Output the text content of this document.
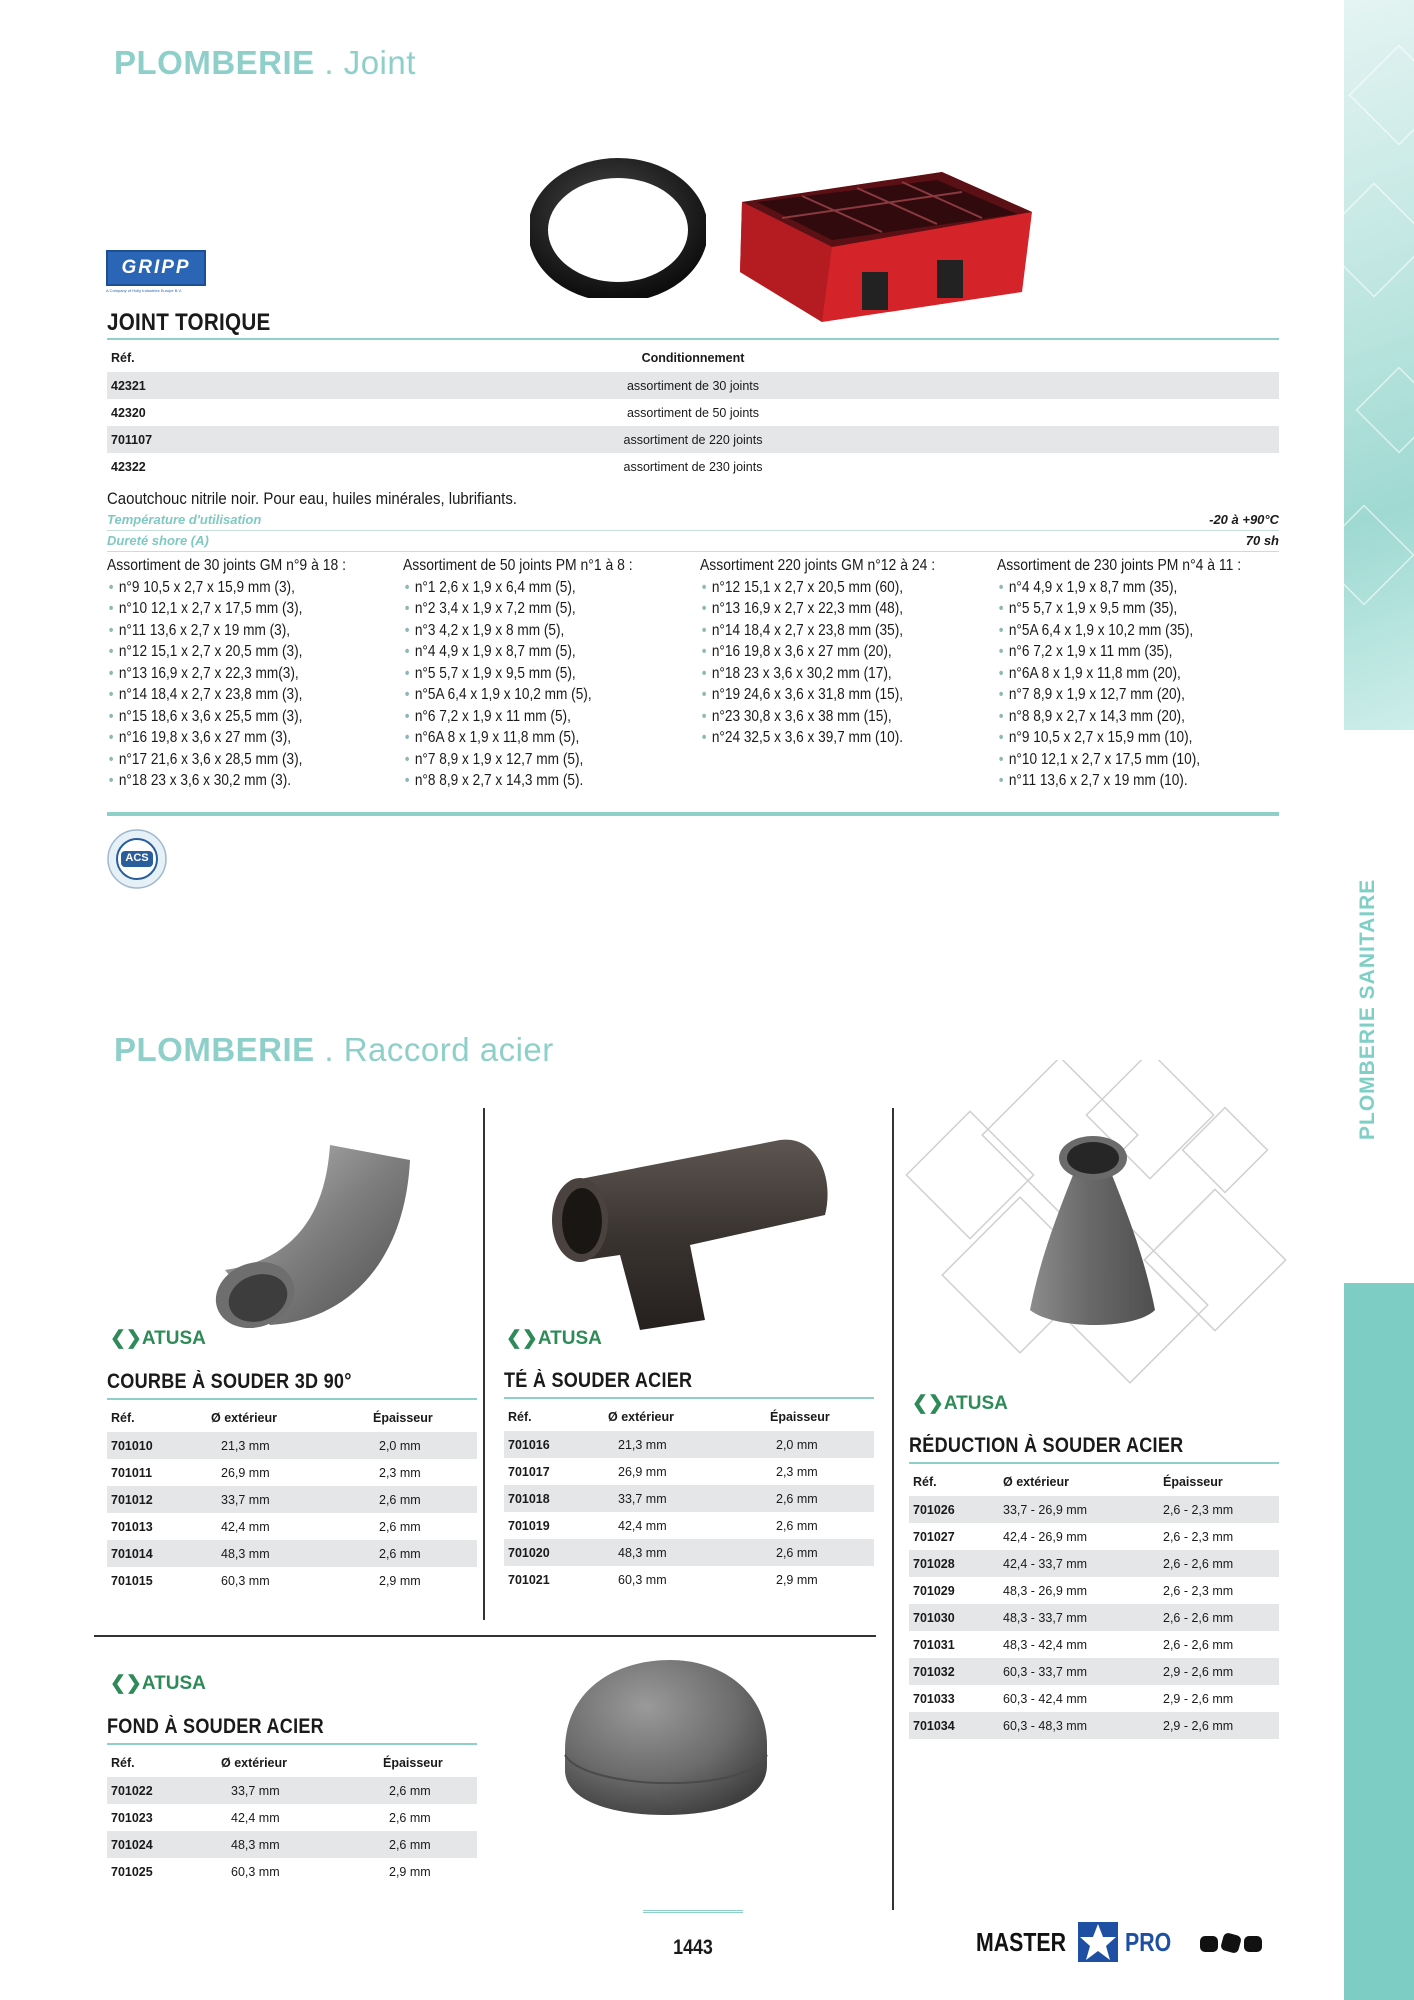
PLOMBERIE SANITAIRE
PLOMBERIE . Joint
GRIPP
A Company of Holly Industries Europe B.V.
JOINT TORIQUE
Réf.	Conditionnement	
42321	assortiment de 30 joints	
42320	assortiment de 50 joints	
701107	assortiment de 220 joints	
42322	assortiment de 230 joints	
Caoutchouc nitrile noir. Pour eau, huiles minérales, lubrifiants.
Température d'utilisation	-20 à +90°C
Dureté shore (A)	70 sh
Assortiment de 30 joints GM n°9 à 18 :
• n°9 10,5 x 2,7 x 15,9 mm (3),
• n°10 12,1 x 2,7 x 17,5 mm (3),
• n°11 13,6 x 2,7 x 19 mm (3),
• n°12 15,1 x 2,7 x 20,5 mm (3),
• n°13 16,9 x 2,7 x 22,3 mm(3),
• n°14 18,4 x 2,7 x 23,8 mm (3),
• n°15 18,6 x 3,6 x 25,5 mm (3),
• n°16 19,8 x 3,6 x 27 mm (3),
• n°17 21,6 x 3,6 x 28,5 mm (3),
• n°18 23 x 3,6 x 30,2 mm (3).
Assortiment de 50 joints PM n°1 à 8 :
• n°1 2,6 x 1,9 x 6,4 mm (5),
• n°2 3,4 x 1,9 x 7,2 mm (5),
• n°3 4,2 x 1,9 x 8 mm (5),
• n°4 4,9 x 1,9 x 8,7 mm (5),
• n°5 5,7 x 1,9 x 9,5 mm (5),
• n°5A 6,4 x 1,9 x 10,2 mm (5),
• n°6 7,2 x 1,9 x 11 mm (5),
• n°6A 8 x 1,9 x 11,8 mm (5),
• n°7 8,9 x 1,9 x 12,7 mm (5),
• n°8 8,9 x 2,7 x 14,3 mm (5).
Assortiment 220 joints GM n°12 à 24 :
• n°12 15,1 x 2,7 x 20,5 mm (60),
• n°13 16,9 x 2,7 x 22,3 mm (48),
• n°14 18,4 x 2,7 x 23,8 mm (35),
• n°16 19,8 x 3,6 x 27 mm (20),
• n°18 23 x 3,6 x 30,2 mm (17),
• n°19 24,6 x 3,6 x 31,8 mm (15),
• n°23 30,8 x 3,6 x 38 mm (15),
• n°24 32,5 x 3,6 x 39,7 mm (10).
Assortiment de 230 joints PM n°4 à 11 :
• n°4 4,9 x 1,9 x 8,7 mm (35),
• n°5 5,7 x 1,9 x 9,5 mm (35),
• n°5A 6,4 x 1,9 x 10,2 mm (35),
• n°6 7,2 x 1,9 x 11 mm (35),
• n°6A 8 x 1,9 x 11,8 mm (20),
• n°7 8,9 x 1,9 x 12,7 mm (20),
• n°8 8,9 x 2,7 x 14,3 mm (20),
• n°9 10,5 x 2,7 x 15,9 mm (10),
• n°10 12,1 x 2,7 x 17,5 mm (10),
• n°11 13,6 x 2,7 x 19 mm (10).
ACS
PLOMBERIE . Raccord acier
❮❯ATUSA	❮❯ATUSA
❮❯ATUSA
❮❯ATUSA
COURBE À SOUDER 3D 90°
Réf.	Ø extérieur	Épaisseur
701010	21,3 mm	2,0 mm
701011	26,9 mm	2,3 mm
701012	33,7 mm	2,6 mm
701013	42,4 mm	2,6 mm
701014	48,3 mm	2,6 mm
701015	60,3 mm	2,9 mm
TÉ À SOUDER ACIER
Réf.	Ø extérieur	Épaisseur
701016	21,3 mm	2,0 mm
701017	26,9 mm	2,3 mm
701018	33,7 mm	2,6 mm
701019	42,4 mm	2,6 mm
701020	48,3 mm	2,6 mm
701021	60,3 mm	2,9 mm
RÉDUCTION À SOUDER ACIER
Réf.	Ø extérieur	Épaisseur
701026	33,7 - 26,9 mm	2,6 - 2,3 mm
701027	42,4 - 26,9 mm	2,6 - 2,3 mm
701028	42,4 - 33,7 mm	2,6 - 2,6 mm
701029	48,3 - 26,9 mm	2,6 - 2,3 mm
701030	48,3 - 33,7 mm	2,6 - 2,6 mm
701031	48,3 - 42,4 mm	2,6 - 2,6 mm
701032	60,3 - 33,7 mm	2,9 - 2,6 mm
701033	60,3 - 42,4 mm	2,9 - 2,6 mm
701034	60,3 - 48,3 mm	2,9 - 2,6 mm
FOND À SOUDER ACIER
Réf.	Ø extérieur	Épaisseur
701022	33,7 mm	2,6 mm
701023	42,4 mm	2,6 mm
701024	48,3 mm	2,6 mm
701025	60,3 mm	2,9 mm
1443	MASTER PRO
